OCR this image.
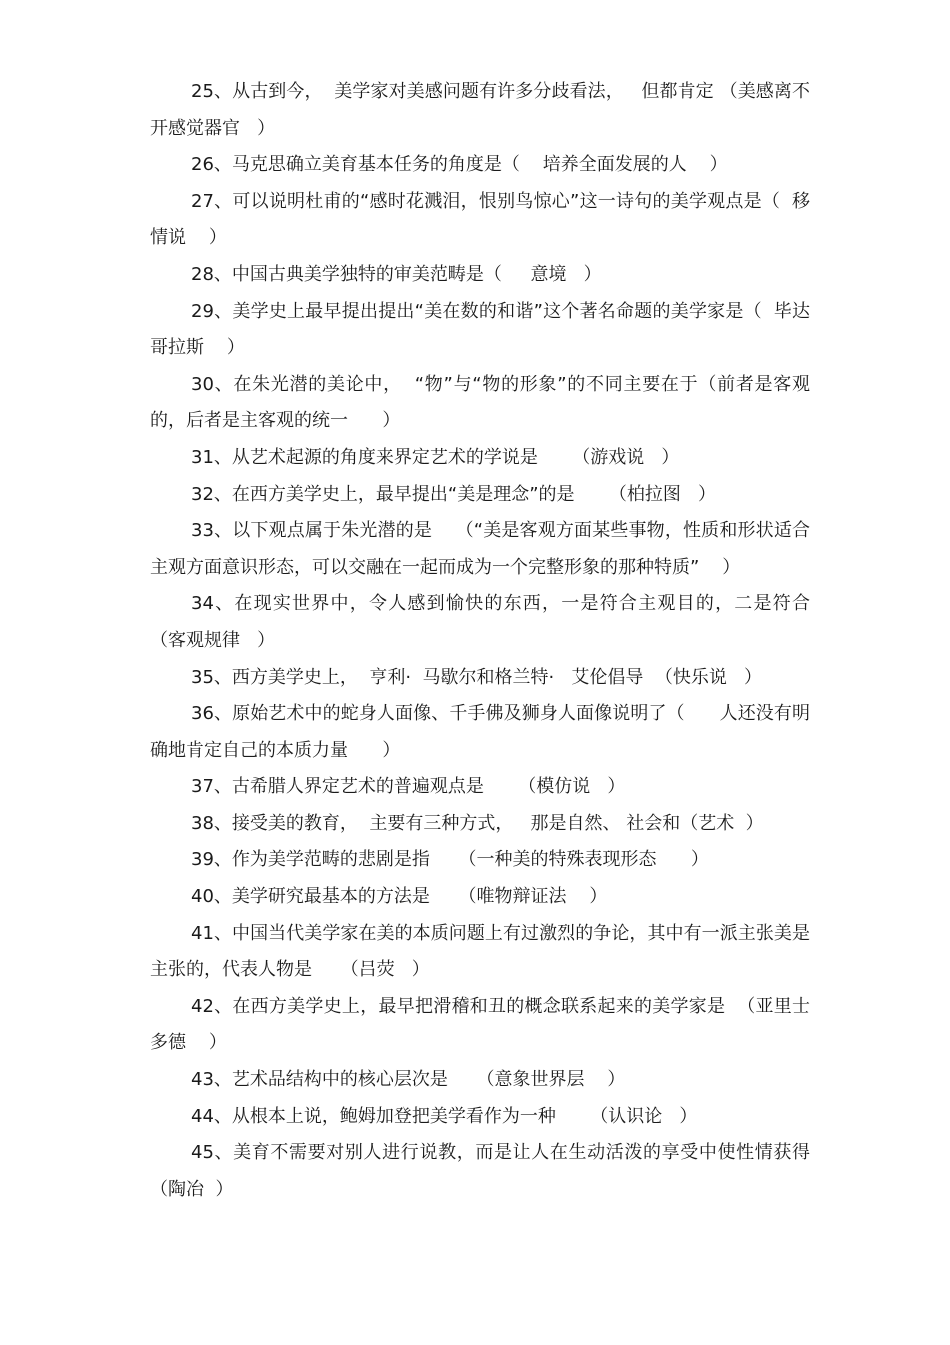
25、从古到今，  美学家对美感问题有许多分歧看法，   但都肯定 （美感离不开感觉器官   ）

26、马克思确立美育基本任务的角度是（    培养全面发展的人    ）

27、可以说明杜甫的“感时花溅泪，恨别鸟惊心”这一诗句的美学观点是（  移情说    ）

28、中国古典美学独特的审美范畴是（     意境   ）

29、美学史上最早提出提出“美在数的和谐”这个著名命题的美学家是（  毕达哥拉斯    ）

30、在朱光潜的美论中，  “物”与“物的形象”的不同主要在于（前者是客观的，后者是主客观的统一      ）

31、从艺术起源的角度来界定艺术的学说是      （游戏说   ）

32、在西方美学史上，最早提出“美是理念”的是      （柏拉图   ）

33、以下观点属于朱光潜的是    （“美是客观方面某些事物，性质和形状适合主观方面意识形态，可以交融在一起而成为一个完整形象的那种特质”    ）

34、在现实世界中，令人感到愉快的东西，一是符合主观目的，二是符合   （客观规律   ）

35、西方美学史上，  亨利·  马歇尔和格兰特·   艾伦倡导  （快乐说   ）

36、原始艺术中的蛇身人面像、千手佛及狮身人面像说明了（      人还没有明确地肯定自己的本质力量      ）

37、古希腊人界定艺术的普遍观点是      （模仿说   ）

38、接受美的教育，  主要有三种方式，   那是自然、 社会和（艺术  ）

39、作为美学范畴的悲剧是指     （一种美的特殊表现形态      ）

40、美学研究最基本的方法是     （唯物辩证法    ）

41、中国当代美学家在美的本质问题上有过激烈的争论，其中有一派主张美是主张的，代表人物是     （吕荧   ）

42、在西方美学史上，最早把滑稽和丑的概念联系起来的美学家是  （亚里士多德    ）

43、艺术品结构中的核心层次是     （意象世界层    ）

44、从根本上说，鲍姆加登把美学看作为一种      （认识论   ）

45、美育不需要对别人进行说教，而是让人在生动活泼的享受中使性情获得  （陶冶  ）
